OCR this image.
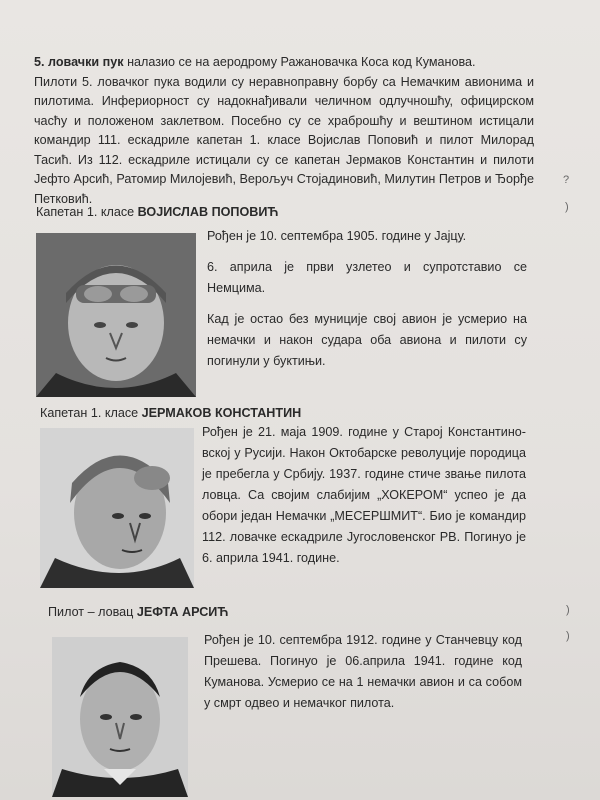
5. ловачки пук налазио се на аеродрому Ражановачка Коса код Куманова.
Пилоти 5. ловачког пука водили су неравноправну борбу са Немачким авионима и пилотима. Инфериорност су надокнађивали челичном одлучношћу, официрском часћу и положеном заклетвом. Посебно су се храброшћу и вештином истицали командир 111. ескадриле капетан 1. класе Војислав Поповић и пилот Милорад Тасић. Из 112. ескадриле истицали су се капетан Јермаков Константин и пилоти Јефто Арсић, Ратомир Милојевић, Вероључ Стојадиновић, Милутин Петров и Ђорђе Петковић.
Капетан 1. класе ВОЈИСЛАВ ПОПОВИЋ

Рођен је 10. септембра 1905. године у Јајцу.

6. априла је први узлетео и супротставио се Немцима.

Кад је остао без муниције свој авион је усмерио на немачки и након судара оба авиона и пилоти су погинули у буктињи.

Капетан 1. класе ЈЕРМАКОВ КОНСТАНТИН

Рођен је 21. маја 1909. године у Старој Константино-вској у Русији. Након Октобарске револуције породица је пребегла у Србију. 1937. године стиче звање пилота ловца. Са својим слабијим „ХОКЕРОМ“ успео је да обори један Немачки „МЕСЕРШМИТ“. Био је командир 112. ловачке ескадриле Југословенског РВ. Погинуо је 6. априла 1941. године.

Пилот – ловац ЈЕФТА АРСИЋ

Рођен је 10. септембра 1912. године у Станчевцу код Прешева. Погинуо је 06.априла 1941. године код Куманова. Усмерио се на 1 немачки авион и са собом у смрт одвео и немачког пилота.

?
)
)
)
